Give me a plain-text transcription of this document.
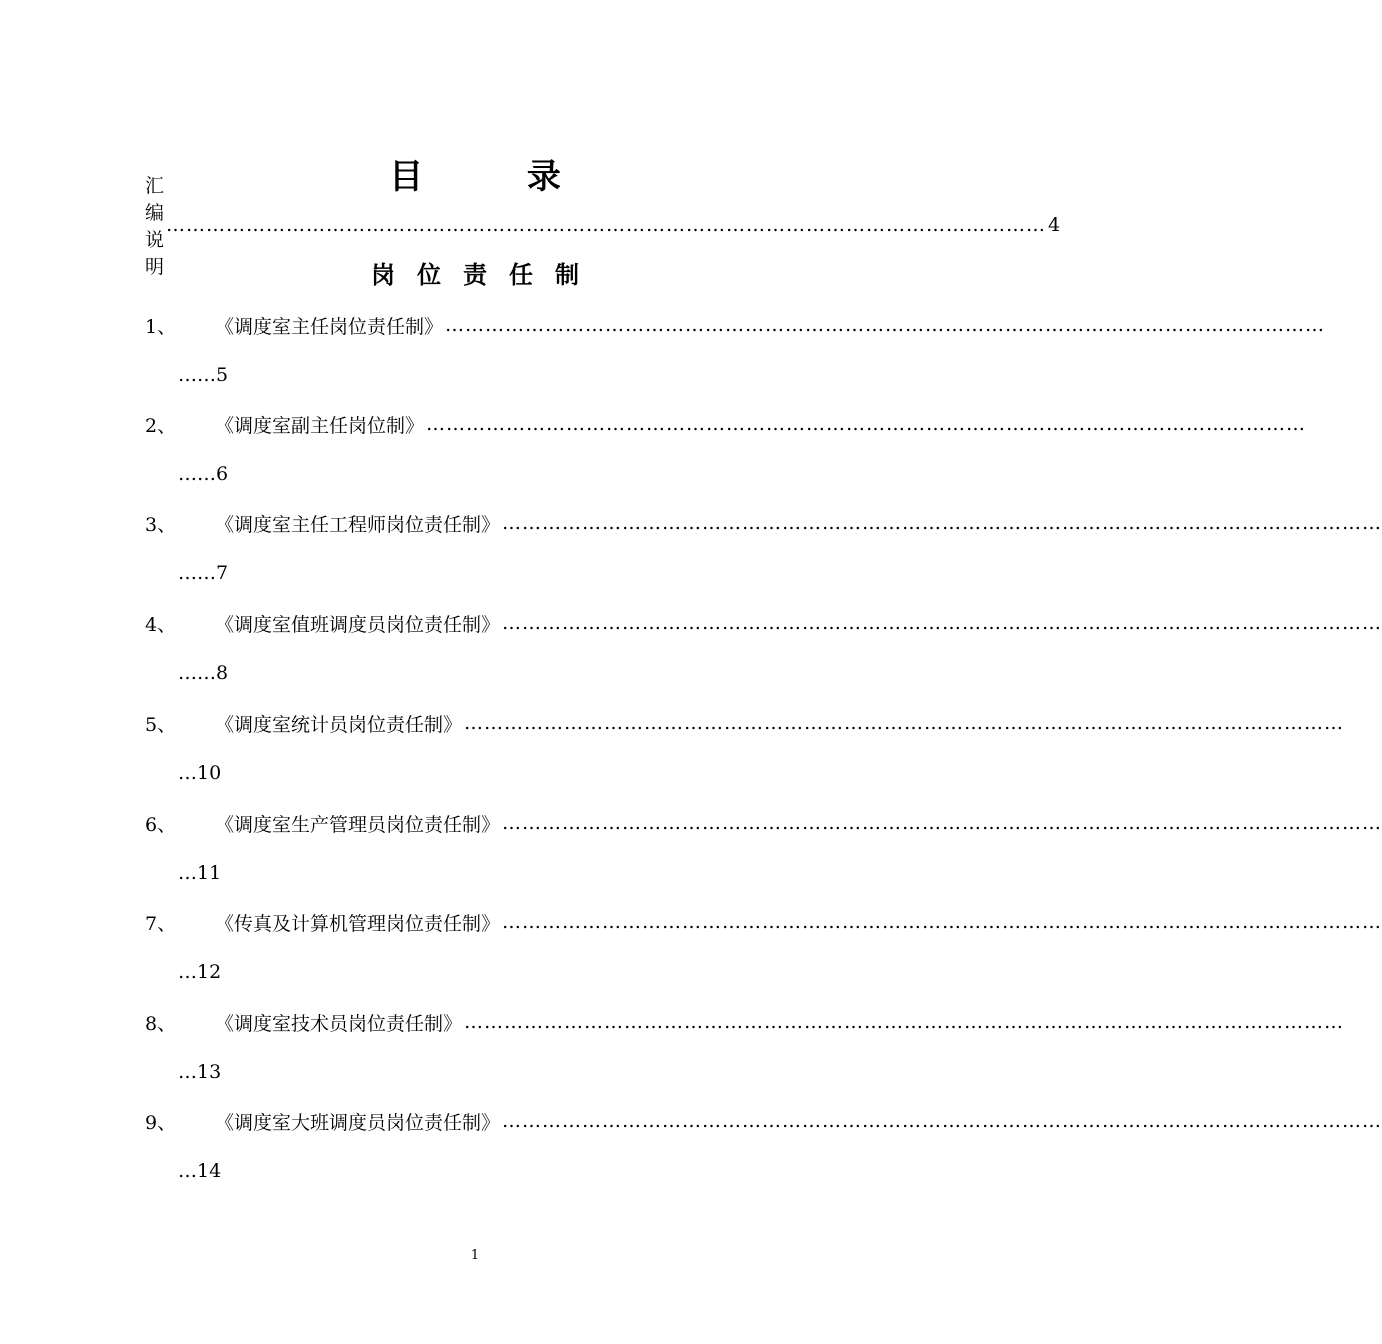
目 录
汇编说明
…………………………………………………………………………………………………………………… 4
岗位责任制
1、	《调度室主任岗位责任制》 ……………………………………………………………………………………………………………………
……5
2、	《调度室副主任岗位制》 ……………………………………………………………………………………………………………………
……6
3、	《调度室主任工程师岗位责任制》 ……………………………………………………………………………………………………………………
……7
4、	《调度室值班调度员岗位责任制》 ……………………………………………………………………………………………………………………
……8
5、	《调度室统计员岗位责任制》 ……………………………………………………………………………………………………………………
…10
6、	《调度室生产管理员岗位责任制》 ……………………………………………………………………………………………………………………
…11
7、	《传真及计算机管理岗位责任制》 ……………………………………………………………………………………………………………………
…12
8、	《调度室技术员岗位责任制》 ……………………………………………………………………………………………………………………
…13
9、	《调度室大班调度员岗位责任制》 ……………………………………………………………………………………………………………………
…14
1
